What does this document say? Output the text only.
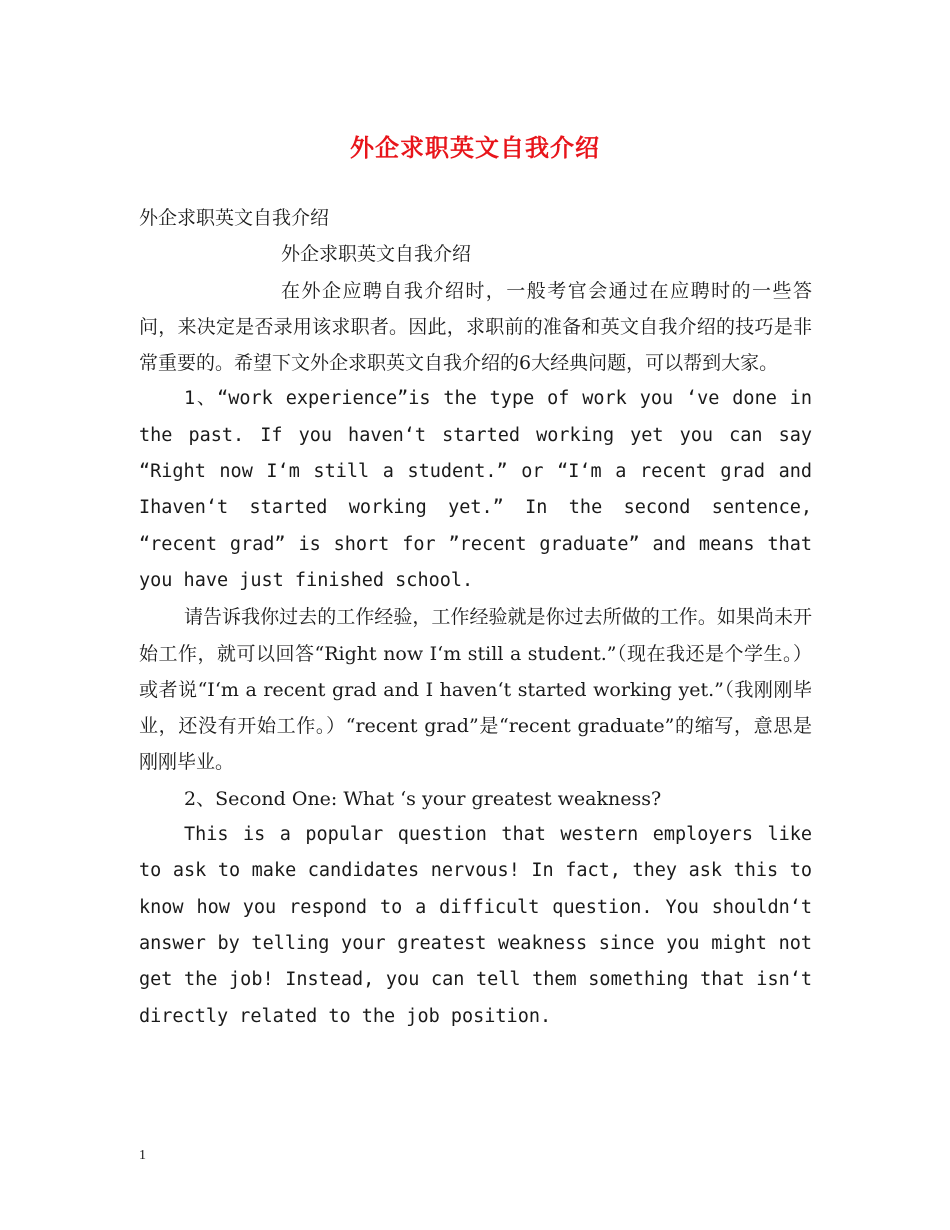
外企求职英文自我介绍

外企求职英文自我介绍

外企求职英文自我介绍

在外企应聘自我介绍时，一般考官会通过在应聘时的一些答问，来决定是否录用该求职者。因此，求职前的准备和英文自我介绍的技巧是非常重要的。希望下文外企求职英文自我介绍的6大经典问题，可以帮到大家。

1、“work experience”is the type of work you ‘ve done in the past. If you haven‘t started working yet you can say “Right now I‘m still a student.” or “I‘m a recent grad and Ihaven‘t started working yet.” In the second sentence, “recent grad” is short for ”recent graduate” and means that you have just finished school.

请告诉我你过去的工作经验，工作经验就是你过去所做的工作。如果尚未开始工作，就可以回答“Right now I‘m still a student.”（现在我还是个学生。）或者说“I‘m a recent grad and I haven‘t started working yet.”（我刚刚毕业，还没有开始工作。）“recent grad”是“recent graduate”的缩写，意思是刚刚毕业。

2、Second One: What ‘s your greatest weakness?

This is a popular question that western employers like to ask to make candidates nervous! In fact, they ask this to know how you respond to a difficult question. You shouldn‘t answer by telling your greatest weakness since you might not get the job! Instead, you can tell them something that isn‘t directly related to the job position.

1
